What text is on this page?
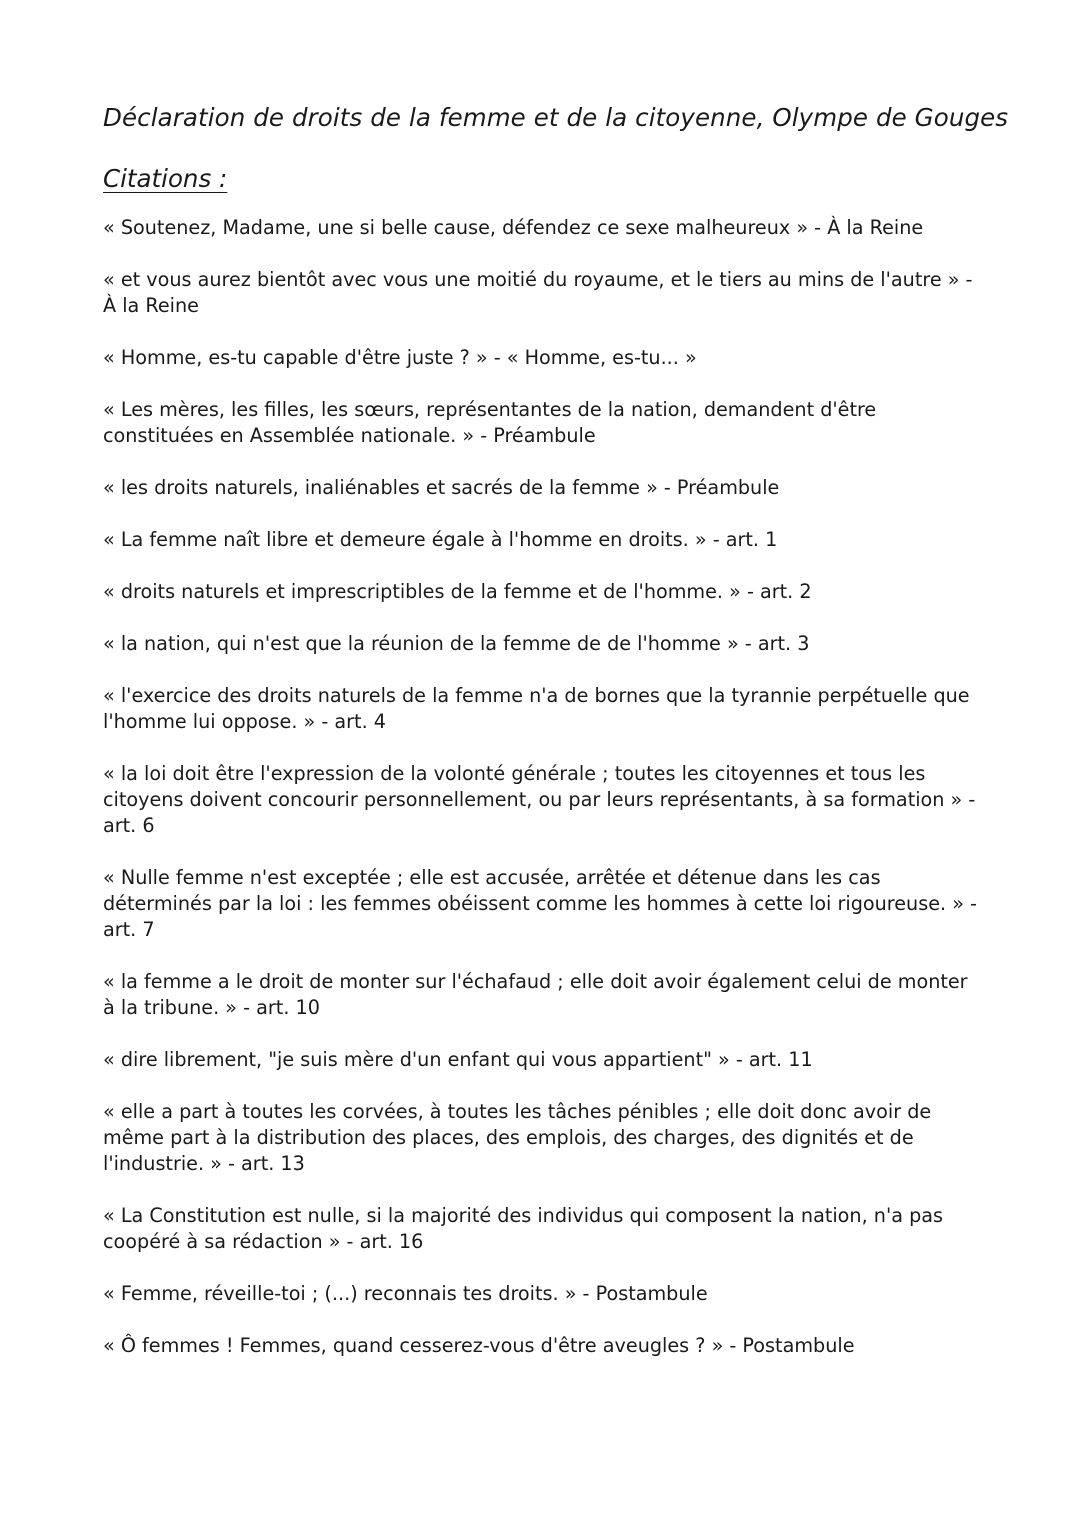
Déclaration de droits de la femme et de la citoyenne, Olympe de Gouges
Citations :
« Soutenez, Madame, une si belle cause, défendez ce sexe malheureux » - À la Reine
« et vous aurez bientôt avec vous une moitié du royaume, et le tiers au mins de l'autre » - À la Reine
« Homme, es-tu capable d'être juste ? » - « Homme, es-tu... »
« Les mères, les filles, les sœurs, représentantes de la nation, demandent d'être constituées en Assemblée nationale. » - Préambule
« les droits naturels, inaliénables et sacrés de la femme » - Préambule
« La femme naît libre et demeure égale à l'homme en droits. » - art. 1
« droits naturels et imprescriptibles de la femme et de l'homme. » - art. 2
« la nation, qui n'est que la réunion de la femme de de l'homme » - art. 3
« l'exercice des droits naturels de la femme n'a de bornes que la tyrannie perpétuelle que l'homme lui oppose. » - art. 4
« la loi doit être l'expression de la volonté générale ; toutes les citoyennes et tous les citoyens doivent concourir personnellement, ou par leurs représentants, à sa formation » - art. 6
« Nulle femme n'est exceptée ; elle est accusée, arrêtée et détenue dans les cas déterminés par la loi : les femmes obéissent comme les hommes à cette loi rigoureuse. » - art. 7
« la femme a le droit de monter sur l'échafaud ; elle doit avoir également celui de monter à la tribune. » - art. 10
« dire librement, "je suis mère d'un enfant qui vous appartient" » - art. 11
« elle a part à toutes les corvées, à toutes les tâches pénibles ; elle doit donc avoir de même part à la distribution des places, des emplois, des charges, des dignités et de l'industrie. » - art. 13
« La Constitution est nulle, si la majorité des individus qui composent la nation, n'a pas coopéré à sa rédaction » - art. 16
« Femme, réveille-toi ; (...) reconnais tes droits. » - Postambule
« Ô femmes ! Femmes, quand cesserez-vous d'être aveugles ? » - Postambule
